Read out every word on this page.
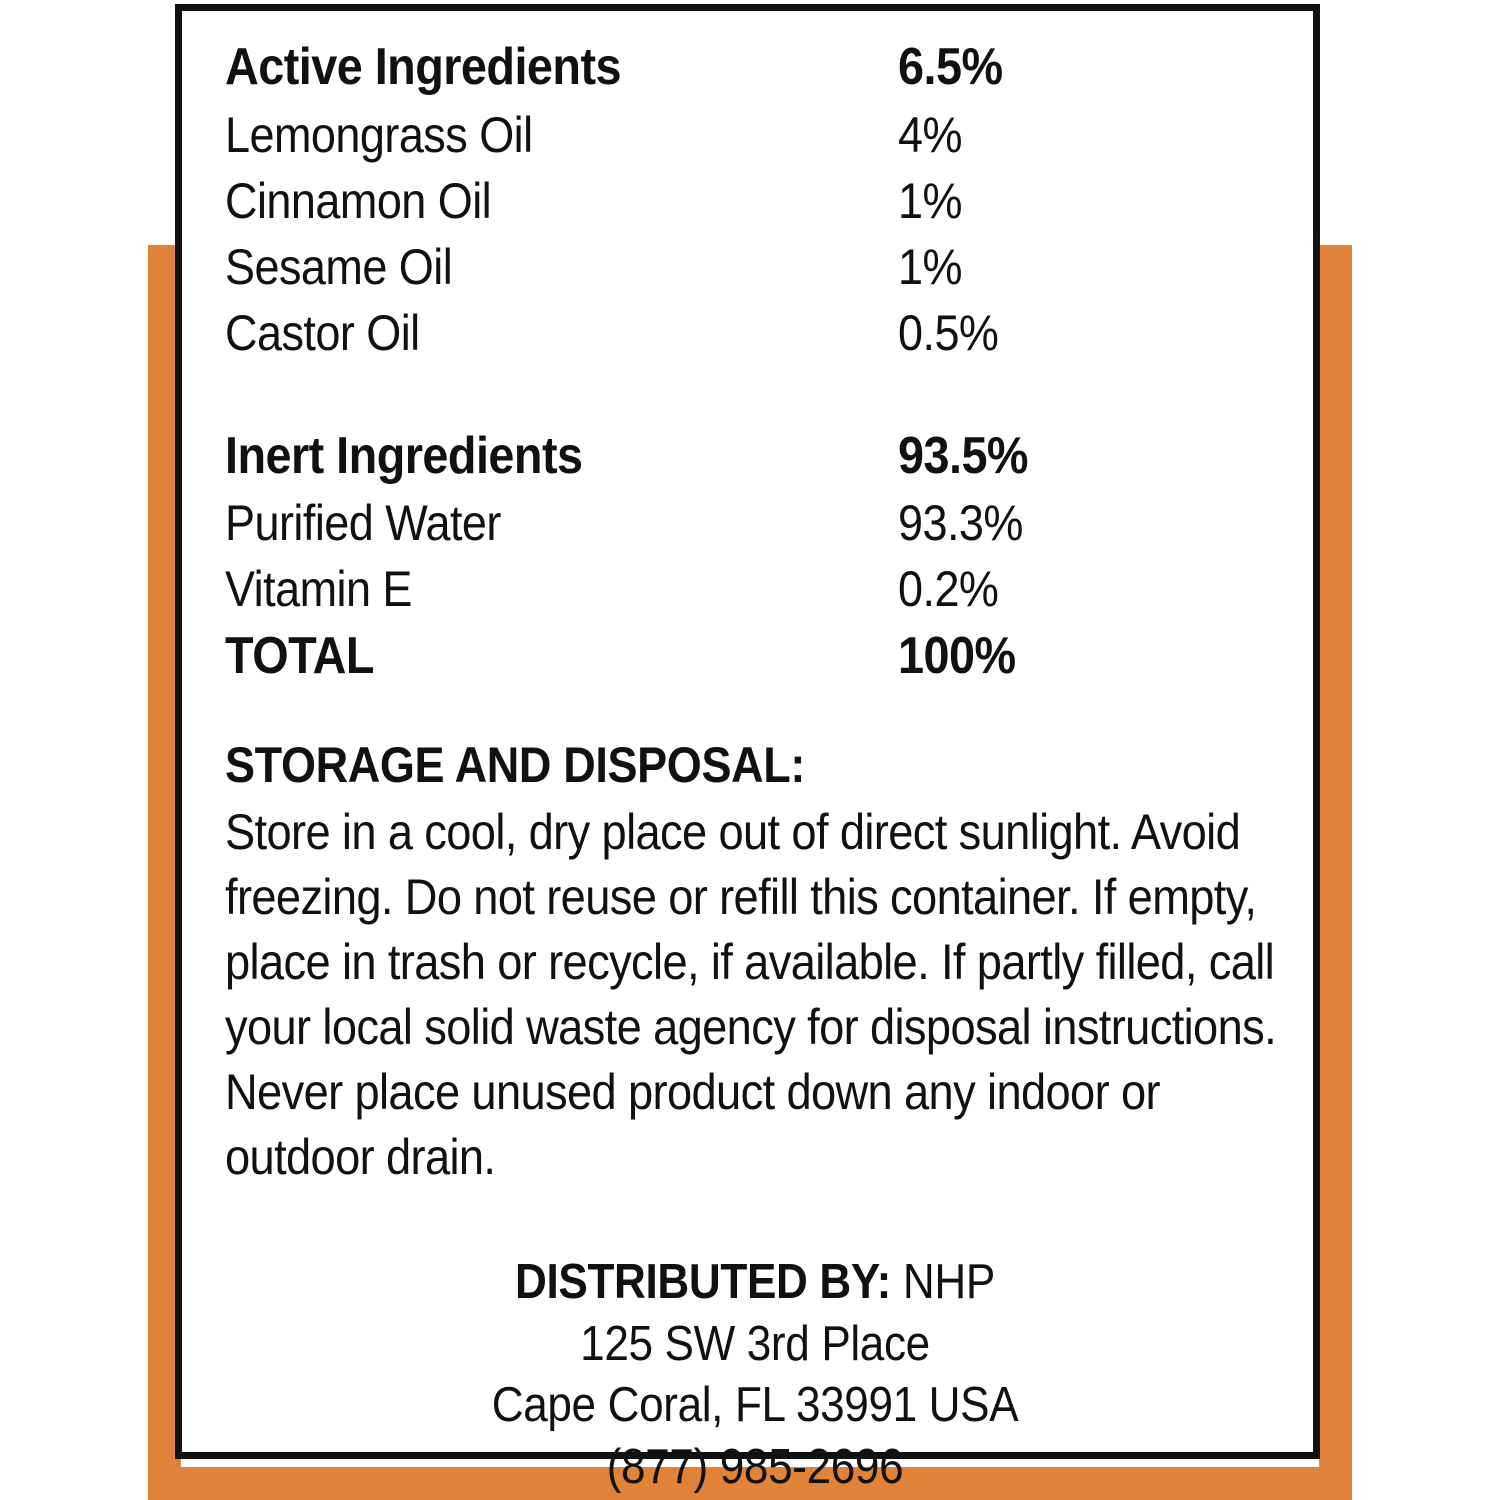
Active Ingredients	6.5%
Lemongrass Oil	4%
Cinnamon Oil	1%
Sesame Oil	1%
Castor Oil	0.5%

Inert Ingredients	93.5%
Purified Water	93.3%
Vitamin E	0.2%
TOTAL	100%
STORAGE AND DISPOSAL:
Store in a cool, dry place out of direct sunlight. Avoid freezing. Do not reuse or refill this container. If empty, place in trash or recycle, if available. If partly filled, call your local solid waste agency for disposal instructions. Never place unused product down any indoor or outdoor drain.
DISTRIBUTED BY: NHP
125 SW 3rd Place
Cape Coral, FL 33991 USA
(877) 985-2696
